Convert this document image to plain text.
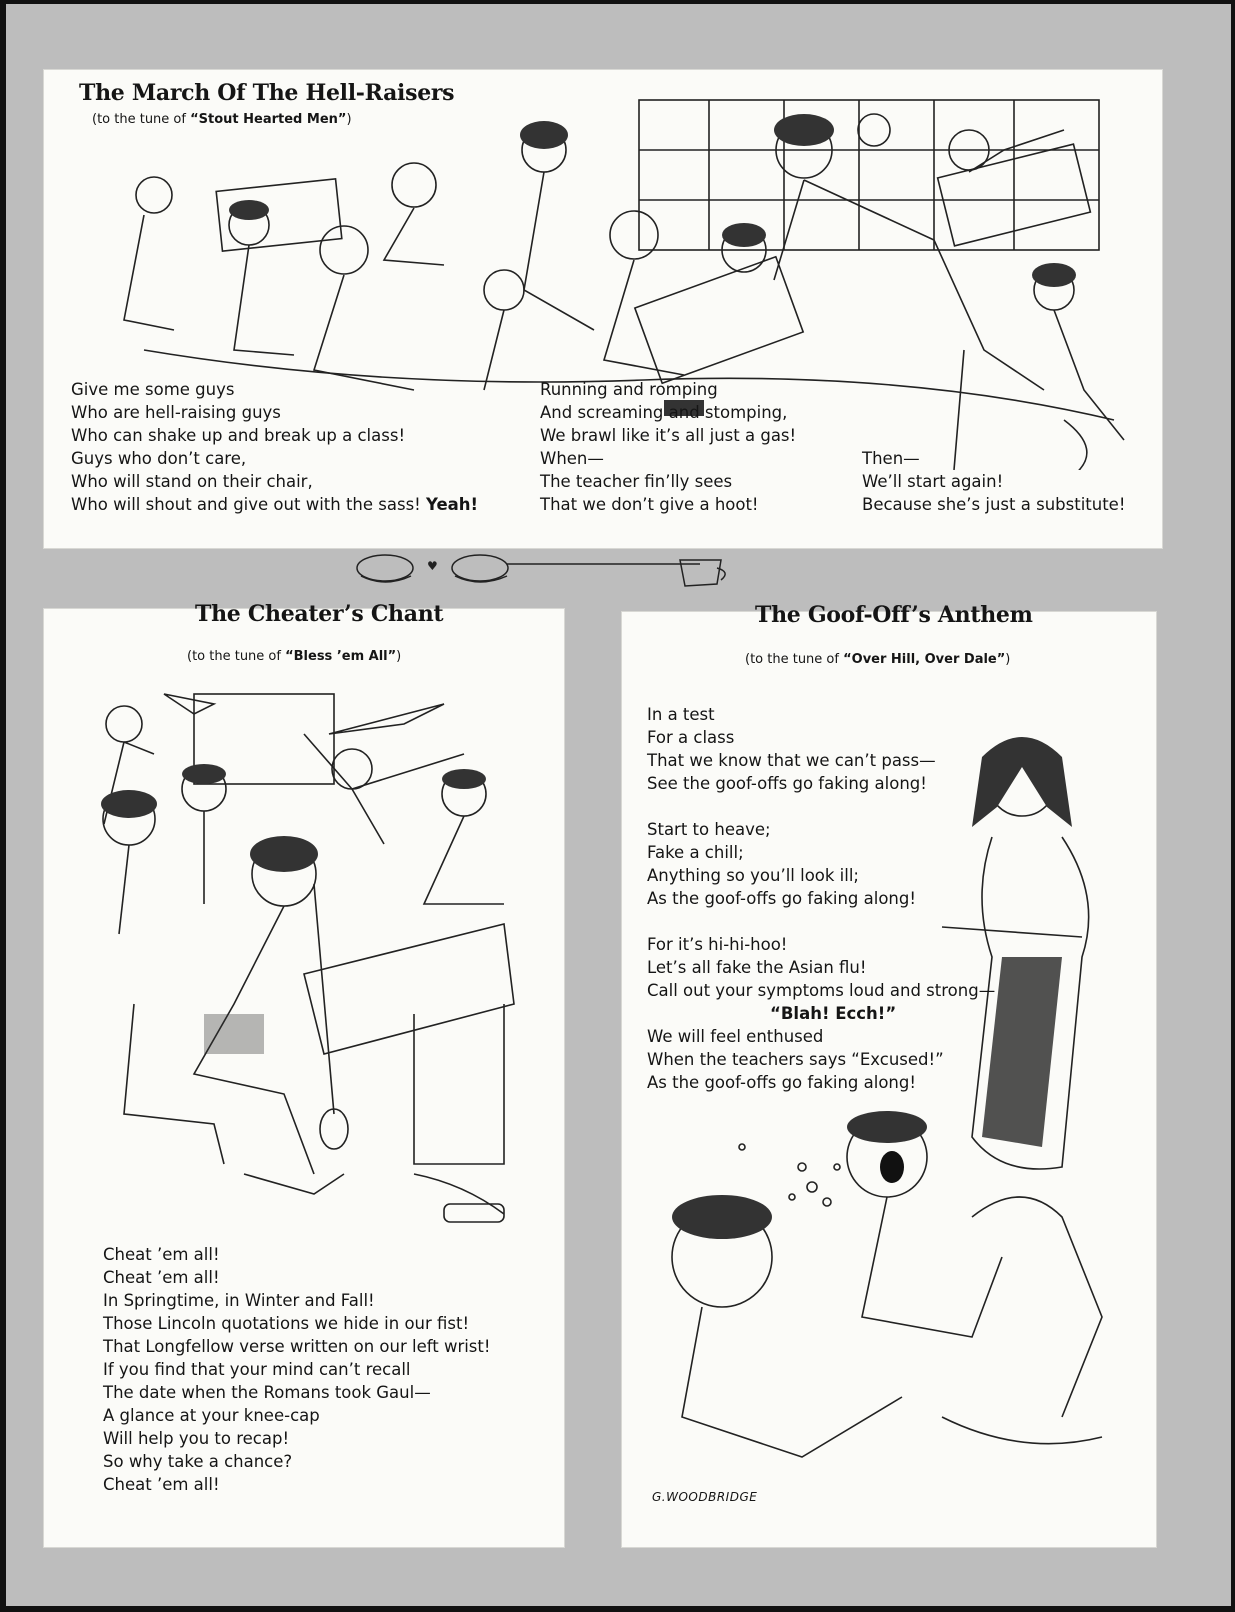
The March Of The Hell-Raisers
(to the tune of “Stout Hearted Men”)
Give me some guys
Who are hell-raising guys
Who can shake up and break up a class!
Guys who don’t care,
Who will stand on their chair,
Who will shout and give out with the sass! Yeah!
Running and romping
And screaming and stomping,
We brawl like it’s all just a gas!
When—
The teacher fin’lly sees
That we don’t give a hoot!
Then—
We’ll start again!
Because she’s just a substitute!
♥
The Cheater’s Chant
(to the tune of “Bless ’em All”)
Cheat ’em all!
Cheat ’em all!
In Springtime, in Winter and Fall!
Those Lincoln quotations we hide in our fist!
That Longfellow verse written on our left wrist!
If you find that your mind can’t recall
The date when the Romans took Gaul—
A glance at your knee-cap
Will help you to recap!
So why take a chance?
Cheat ’em all!
The Goof-Off’s Anthem
(to the tune of “Over Hill, Over Dale”)
In a test
For a class
That we know that we can’t pass—
See the goof-offs go faking along!
Start to heave;
Fake a chill;
Anything so you’ll look ill;
As the goof-offs go faking along!
For it’s hi-hi-hoo!
Let’s all fake the Asian flu!
Call out your symptoms loud and strong—
“Blah! Ecch!”
We will feel enthused
When the teachers says “Excused!”
As the goof-offs go faking along!
G.WOODBRIDGE
